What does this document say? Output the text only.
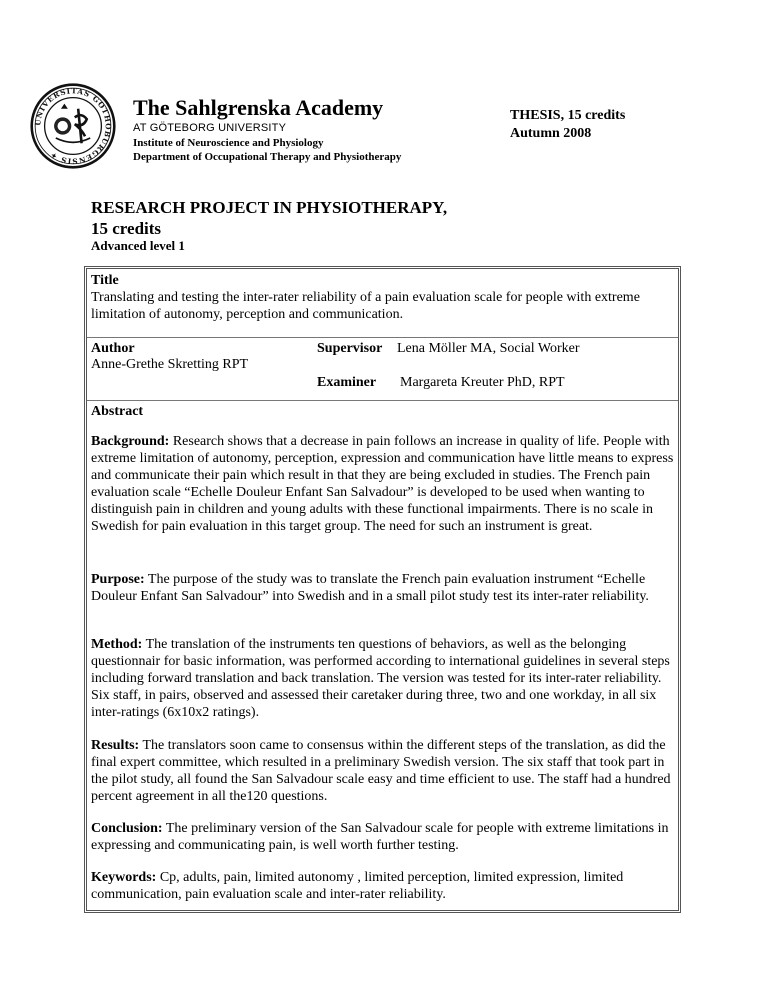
UNIVERSITAS GOTHOBURGENSIS ✦
The Sahlgrenska Academy
AT GÖTEBORG UNIVERSITY
Institute of Neuroscience and Physiology
Department of Occupational Therapy and Physiotherapy
THESIS, 15 credits
Autumn 2008
RESEARCH PROJECT IN PHYSIOTHERAPY,
15 credits
Advanced level 1
Title
Translating and testing the inter-rater reliability of a pain evaluation scale for people with extreme limitation of autonomy, perception and communication.
Author
Anne-Grethe Skretting RPT
Supervisor Lena Möller MA, Social Worker
Examiner Margareta Kreuter PhD, RPT
Abstract

Background: Research shows that a decrease in pain follows an increase in quality of life. People with extreme limitation of autonomy, perception, expression and communication have little means to express and communicate their pain which result in that they are being excluded in studies. The French pain evaluation scale “Echelle Douleur Enfant San Salvadour” is developed to be used when wanting to distinguish pain in children and young adults with these functional impairments. There is no scale in Swedish for pain evaluation in this target group. The need for such an instrument is great.

Purpose: The purpose of the study was to translate the French pain evaluation instrument “Echelle Douleur Enfant San Salvadour” into Swedish and in a small pilot study test its inter-rater reliability.

Method: The translation of the instruments ten questions of behaviors, as well as the belonging questionnair for basic information, was performed according to international guidelines in several steps including forward translation and back translation. The version was tested for its inter-rater reliability. Six staff, in pairs, observed and assessed their caretaker during three, two and one workday, in all six inter-ratings (6x10x2 ratings).

Results: The translators soon came to consensus within the different steps of the translation, as did the final expert committee, which resulted in a preliminary Swedish version. The six staff that took part in the pilot study, all found the San Salvadour scale easy and time efficient to use. The staff had a hundred percent agreement in all the120 questions.

Conclusion: The preliminary version of the San Salvadour scale for people with extreme limitations in expressing and communicating pain, is well worth further testing.

Keywords: Cp, adults, pain, limited autonomy , limited perception, limited expression, limited communication, pain evaluation scale and inter-rater reliability.
